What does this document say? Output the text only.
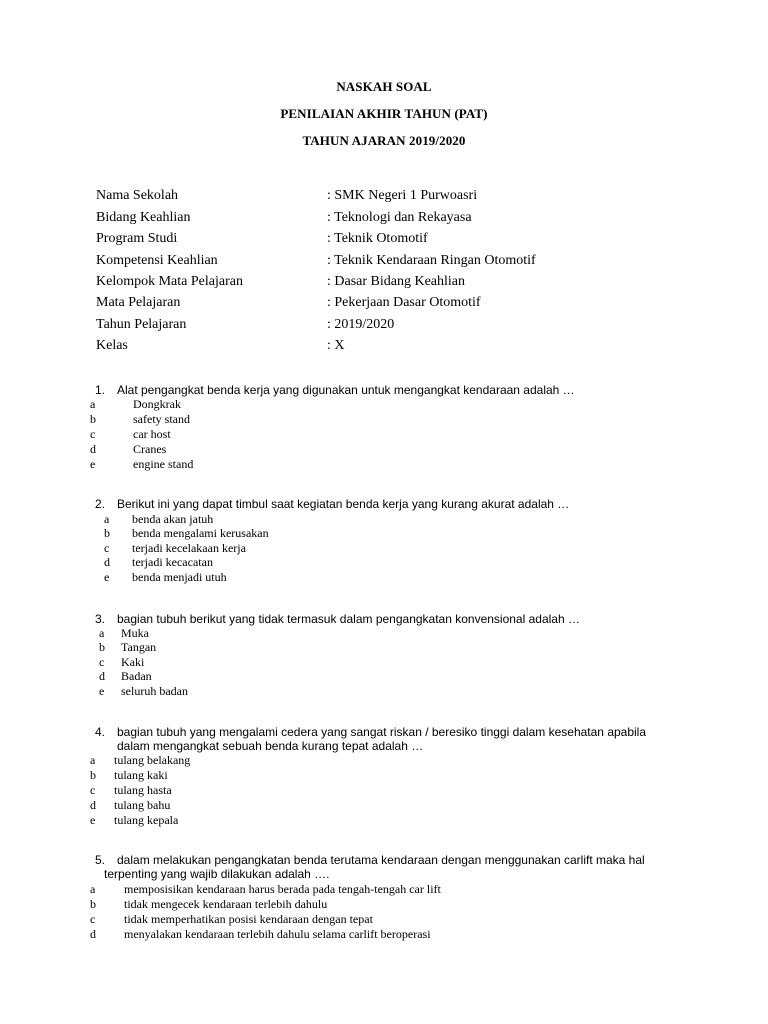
NASKAH SOAL
PENILAIAN AKHIR TAHUN (PAT)
TAHUN AJARAN 2019/2020
Nama Sekolah	: SMK Negeri 1 Purwoasri
Bidang Keahlian	: Teknologi dan Rekayasa
Program Studi	: Teknik Otomotif
Kompetensi Keahlian	: Teknik Kendaraan Ringan Otomotif
Kelompok Mata Pelajaran	: Dasar Bidang Keahlian
Mata Pelajaran	: Pekerjaan Dasar Otomotif
Tahun Pelajaran	: 2019/2020
Kelas	: X
1. Alat pengangkat benda kerja yang digunakan untuk mengangkat kendaraan adalah …
a	Dongkrak
b	safety stand
c	car host
d	Cranes
e	engine stand
2. Berikut ini yang dapat timbul saat kegiatan benda kerja yang kurang akurat adalah …
a benda akan jatuh
b benda mengalami kerusakan
c terjadi kecelakaan kerja
d terjadi kecacatan
e benda menjadi utuh
3. bagian tubuh berikut yang tidak termasuk dalam pengangkatan konvensional adalah …
a Muka
b Tangan
c Kaki
d Badan
e seluruh badan
4. bagian tubuh yang mengalami cedera yang sangat riskan / beresiko tinggi dalam kesehatan apabila
dalam mengangkat sebuah benda kurang tepat adalah …
a tulang belakang
b tulang kaki
c tulang hasta
d tulang bahu
e tulang kepala
5. dalam melakukan pengangkatan benda terutama kendaraan dengan menggunakan carlift maka hal
terpenting yang wajib dilakukan adalah ….
a memposisikan kendaraan harus berada pada tengah-tengah car lift
b tidak mengecek kendaraan terlebih dahulu
c tidak memperhatikan posisi kendaraan dengan tepat
d menyalakan kendaraan terlebih dahulu selama carlift beroperasi
